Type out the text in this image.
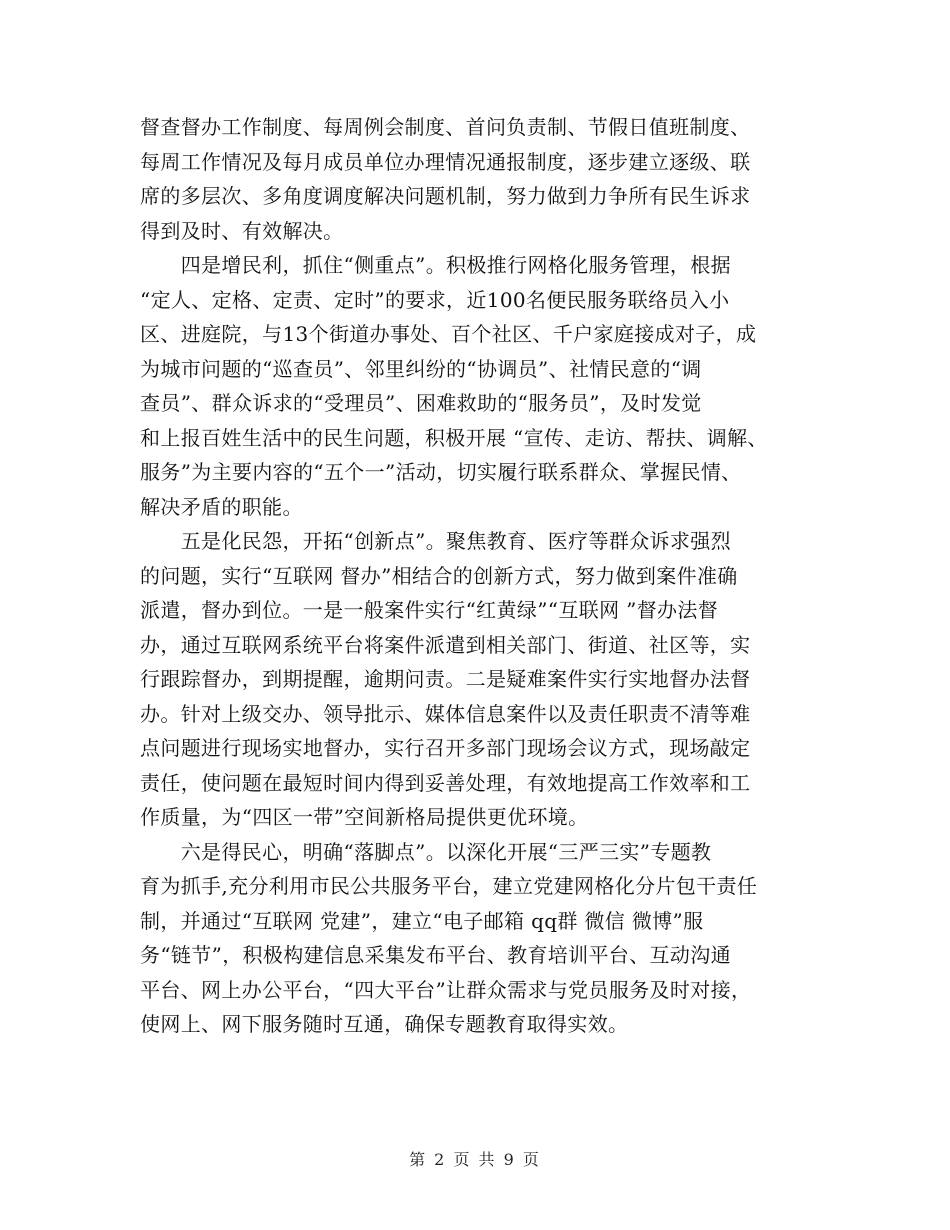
督查督办工作制度、每周例会制度、首问负责制、节假日值班制度、
每周工作情况及每月成员单位办理情况通报制度，逐步建立逐级、联
席的多层次、多角度调度解决问题机制，努力做到力争所有民生诉求
得到及时、有效解决。
　　四是增民利，抓住“侧重点”。积极推行网格化服务管理，根据
“定人、定格、定责、定时”的要求，近100名便民服务联络员入小
区、进庭院，与13个街道办事处、百个社区、千户家庭接成对子，成
为城市问题的“巡查员”、邻里纠纷的“协调员”、社情民意的“调
查员”、群众诉求的“受理员”、困难救助的“服务员”，及时发觉
和上报百姓生活中的民生问题，积极开展 “宣传、走访、帮扶、调解、
服务”为主要内容的“五个一”活动，切实履行联系群众、掌握民情、
解决矛盾的职能。
　　五是化民怨，开拓“创新点”。聚焦教育、医疗等群众诉求强烈
的问题，实行“互联网 督办”相结合的创新方式，努力做到案件准确
派遣，督办到位。一是一般案件实行“红黄绿”“互联网 ”督办法督
办，通过互联网系统平台将案件派遣到相关部门、街道、社区等，实
行跟踪督办，到期提醒，逾期问责。二是疑难案件实行实地督办法督
办。针对上级交办、领导批示、媒体信息案件以及责任职责不清等难
点问题进行现场实地督办，实行召开多部门现场会议方式，现场敲定
责任，使问题在最短时间内得到妥善处理，有效地提高工作效率和工
作质量，为“四区一带”空间新格局提供更优环境。
　　六是得民心，明确“落脚点”。以深化开展“三严三实”专题教
育为抓手,充分利用市民公共服务平台，建立党建网格化分片包干责任
制，并通过“互联网 党建”，建立“电子邮箱 qq群 微信 微博”服
务“链节”，积极构建信息采集发布平台、教育培训平台、互动沟通
平台、网上办公平台，“四大平台”让群众需求与党员服务及时对接，
使网上、网下服务随时互通，确保专题教育取得实效。
第 2 页 共 9 页
